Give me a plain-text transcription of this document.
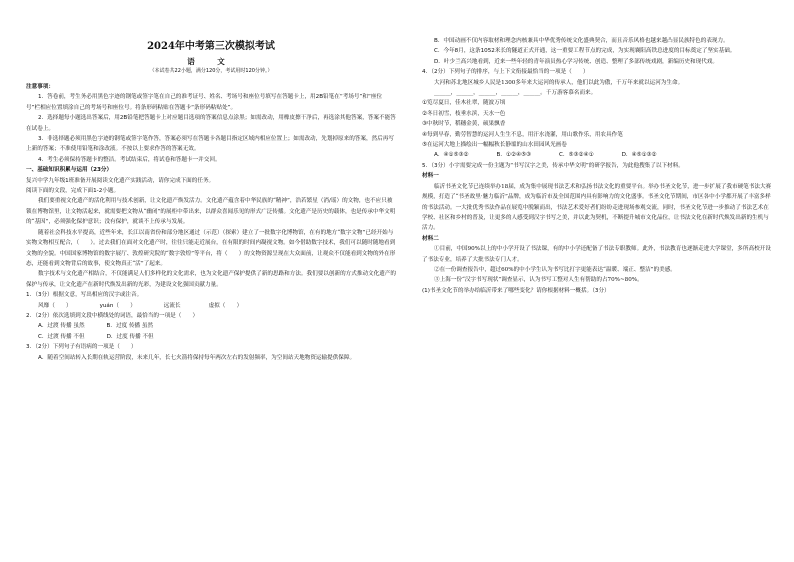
2024年中考第三次模拟考试
语 文
（本试卷共22小题，满分120分，考试用时120分钟。）

注意事项：

1．答卷前，考生务必用黑色字迹的钢笔或签字笔在自己的准考证号、姓名、考场号和座位号填写在答题卡上，用2B铅笔在“考场号”和“座位号”栏相应位置填涂自己的考场号和座位号。将条形码粘贴在答题卡“条形码粘贴处”。

2．选择题每小题选出答案后，用2B铅笔把答题卡上对应题目选项的答案信息点涂黑；如需改动，用橡皮擦干净后，再选涂其他答案，答案不能答在试卷上。

3．非选择题必须用黑色字迹的钢笔或签字笔作答，答案必须写在答题卡各题目指定区域内相应位置上；如需改动，先划掉原来的答案，然后再写上新的答案；不准使用铅笔和涂改液。不按以上要求作答的答案无效。

4．考生必须保持答题卡的整洁。考试结束后，将试卷和答题卡一并交回。

一、基础知识积累与运用（23分）

复兴中学九年级1班准备开展阅读文化遗产实践活动，请你完成下面的任务。

阅读下面的文段，完成下面1-2小题。

我们要重视文化遗产的活化利用与技术创新，让文化遗产焕发活力。文化遗产蕴含着中华民族的“精神”，浩若繁星（消/谣）的文物，也不应只被锁在博物馆里，让文物活起来，就需要把文物从“幽闭”的展柜中带出来，以群众喜闻乐见的形式广泛传播。文化遗产是历史的载体，也是传承中华文明的“基因”，必须强化保护意识；没有保护，就谈不上传承与发展。

随着社会科技水平提高，近些年来，长江以南省份和部分地区通过（示范）（探索）建立了一批数字化博物馆，在有的地方“数字文物”已经开始与实物文物相互配合，（　　）。过去我们在面对文化遗产时，往往只能走近展台，在有限的时间内凝视文物。如今借助数字技术，我们可以随时随地看到文物的全貌。中国国家博物馆的数字展厅、敦煌研究院的“数字敦煌”等平台，将（　　）的文物资源呈现在大众面前，让观众不仅能看到文物的外在形态，还能看到文物背后的故事，使文物真正“活”了起来。

数字技术与文化遗产相结合，不仅能满足人们多样化的文化需求，也为文化遗产保护提供了新的思路和方法。我们要以创新的方式推动文化遗产的保护与传承，让文化遗产在新时代焕发出新的光彩，为建设文化强国贡献力量。

1．（3分）根据文意，写出相应的汉字或注音。

风靡（　　）	yuán（　　）	远流长	虚拟（　　）

2．（2分）依次选填到文段中横线处的词语，最恰当的一项是（　　）

A．过渡 传播 虽然	B．过度 传播 虽然
C．过渡 传播 不但	D．过度 传播 不但

3．（2分）下列句子有语病的一项是（　　）

A．随着空间站转入长期在轨运营阶段，未来几年，长七火箭将保持每年两次左右的发射频率，为空间站天地物资运输提供保障。

B．中国动画不仅内容取材和理念内核兼具中华优秀传统文化盛典契合，而且音乐风格也越来越凸显民族特色的表现力。

C．今年8月，这条1052米长的隧道正式开通，这一重要工程节点的完成，为实现襄阳高铁总进度的目标奠定了坚实基础。

D．叶少兰高兴地看到，近来一些年轻的青年演员热心学习传统、创造、整理了多部传统戏剧，新编历史和现代戏。

4．（2分）下列句子的排序，与上下文衔接最恰当的一项是（　　）

大河和苏北地区城乡人民是1300多年来大运河的传承人，他们以此为傲，千万年来就以运河为生命。

______，______，______，______，______。千万游客慕名而来。

①览尽夏日，佳木社翠，随波万顷

②冬日初雪，枝垂水滨，天水一色

③中秋时节，稻穗金黄，硕果飘香

④每到早春，勤劳智慧的运河人生生不息，用汗水浇灌，用山歌作乐，用农具作笔

⑤在运河大地上描绘出一幅幅秋长静谧的山水田园风光画卷

A．④①⑤③②	B．①②④⑤③	C．⑤③②④①	D．④⑤①③②

5．（3分）小宇需要完成一份主题为“书写汉字之美，传承中华文明”的研学报告，为此他搜集了以下材料。

材料一

临沂书圣文化节已连续举办18届，成为集中展现书法艺术和弘扬书法文化的重要平台。举办书圣文化节，进一步扩展了我市硬笔书法大赛规模，打造了“书圣故里·魅力临沂”品牌，成为临沂市及全国范围内具有影响力的文化盛事。书圣文化节期间，市区各中小学都开展了丰富多样的书法活动。一大批优秀书法作品在展览中脱颖而出，书法艺术爱好者们纷纷走进现场参观交流，同时，书圣文化节进一步推动了书法艺术在学校、社区和乡村的普及，让更多的人感受到汉字书写之美，并以此为契机，不断提升城市文化品位，让书法文化在新时代焕发出新的生机与活力。

材料二

①目前，中国90%以上的中小学开设了书法课，有的中小学还配备了书法专职教师。此外，书法教育也逐渐走进大学课堂，多所高校开设了书法专业，培养了大批书法专门人才。

②在一份调查报告中，超过60%的中小学生认为书写比打字更能表达“温暖、端正、整洁”的美感。

③上海一份“汉字书写现状”调查显示，认为书写工整对人生有帮助的占70%~80%。

(1)书圣文化节的举办给临沂带来了哪些变化？请你根据材料一概括。（3分）
